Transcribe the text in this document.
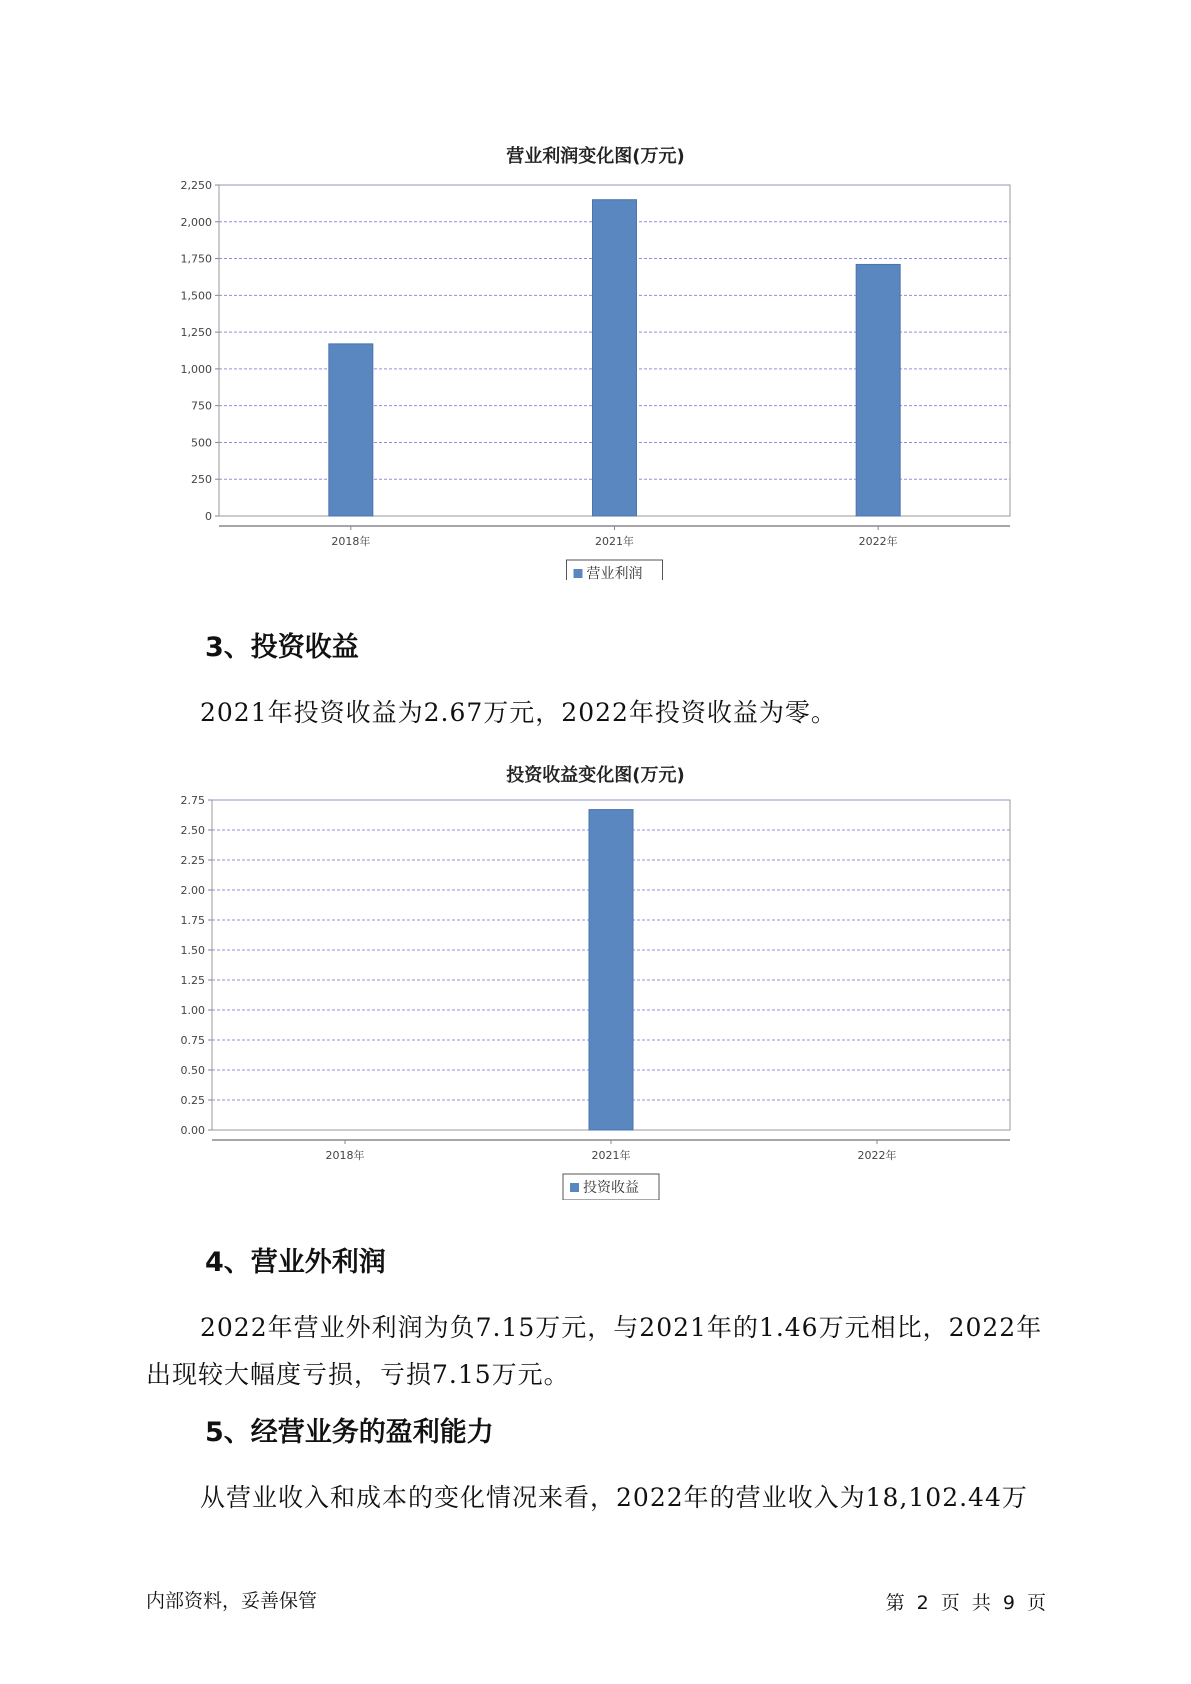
营业利润变化图(万元)
0
250
500
750
1,000
1,250
1,500
1,750
2,000
2,250
2018年	2021年	2022年
营业利润
3、投资收益
2021年投资收益为2.67万元，2022年投资收益为零。
投资收益变化图(万元)
0.00
0.25
0.50
0.75
1.00
1.25
1.50
1.75
2.00
2.25
2.50
2.75
2018年	2021年	2022年
投资收益
4、营业外利润
2022年营业外利润为负7.15万元，与2021年的1.46万元相比，2022年
出现较大幅度亏损，亏损7.15万元。
5、经营业务的盈利能力
从营业收入和成本的变化情况来看，2022年的营业收入为18,102.44万
内部资料，妥善保管	第 2 页 共 9 页
